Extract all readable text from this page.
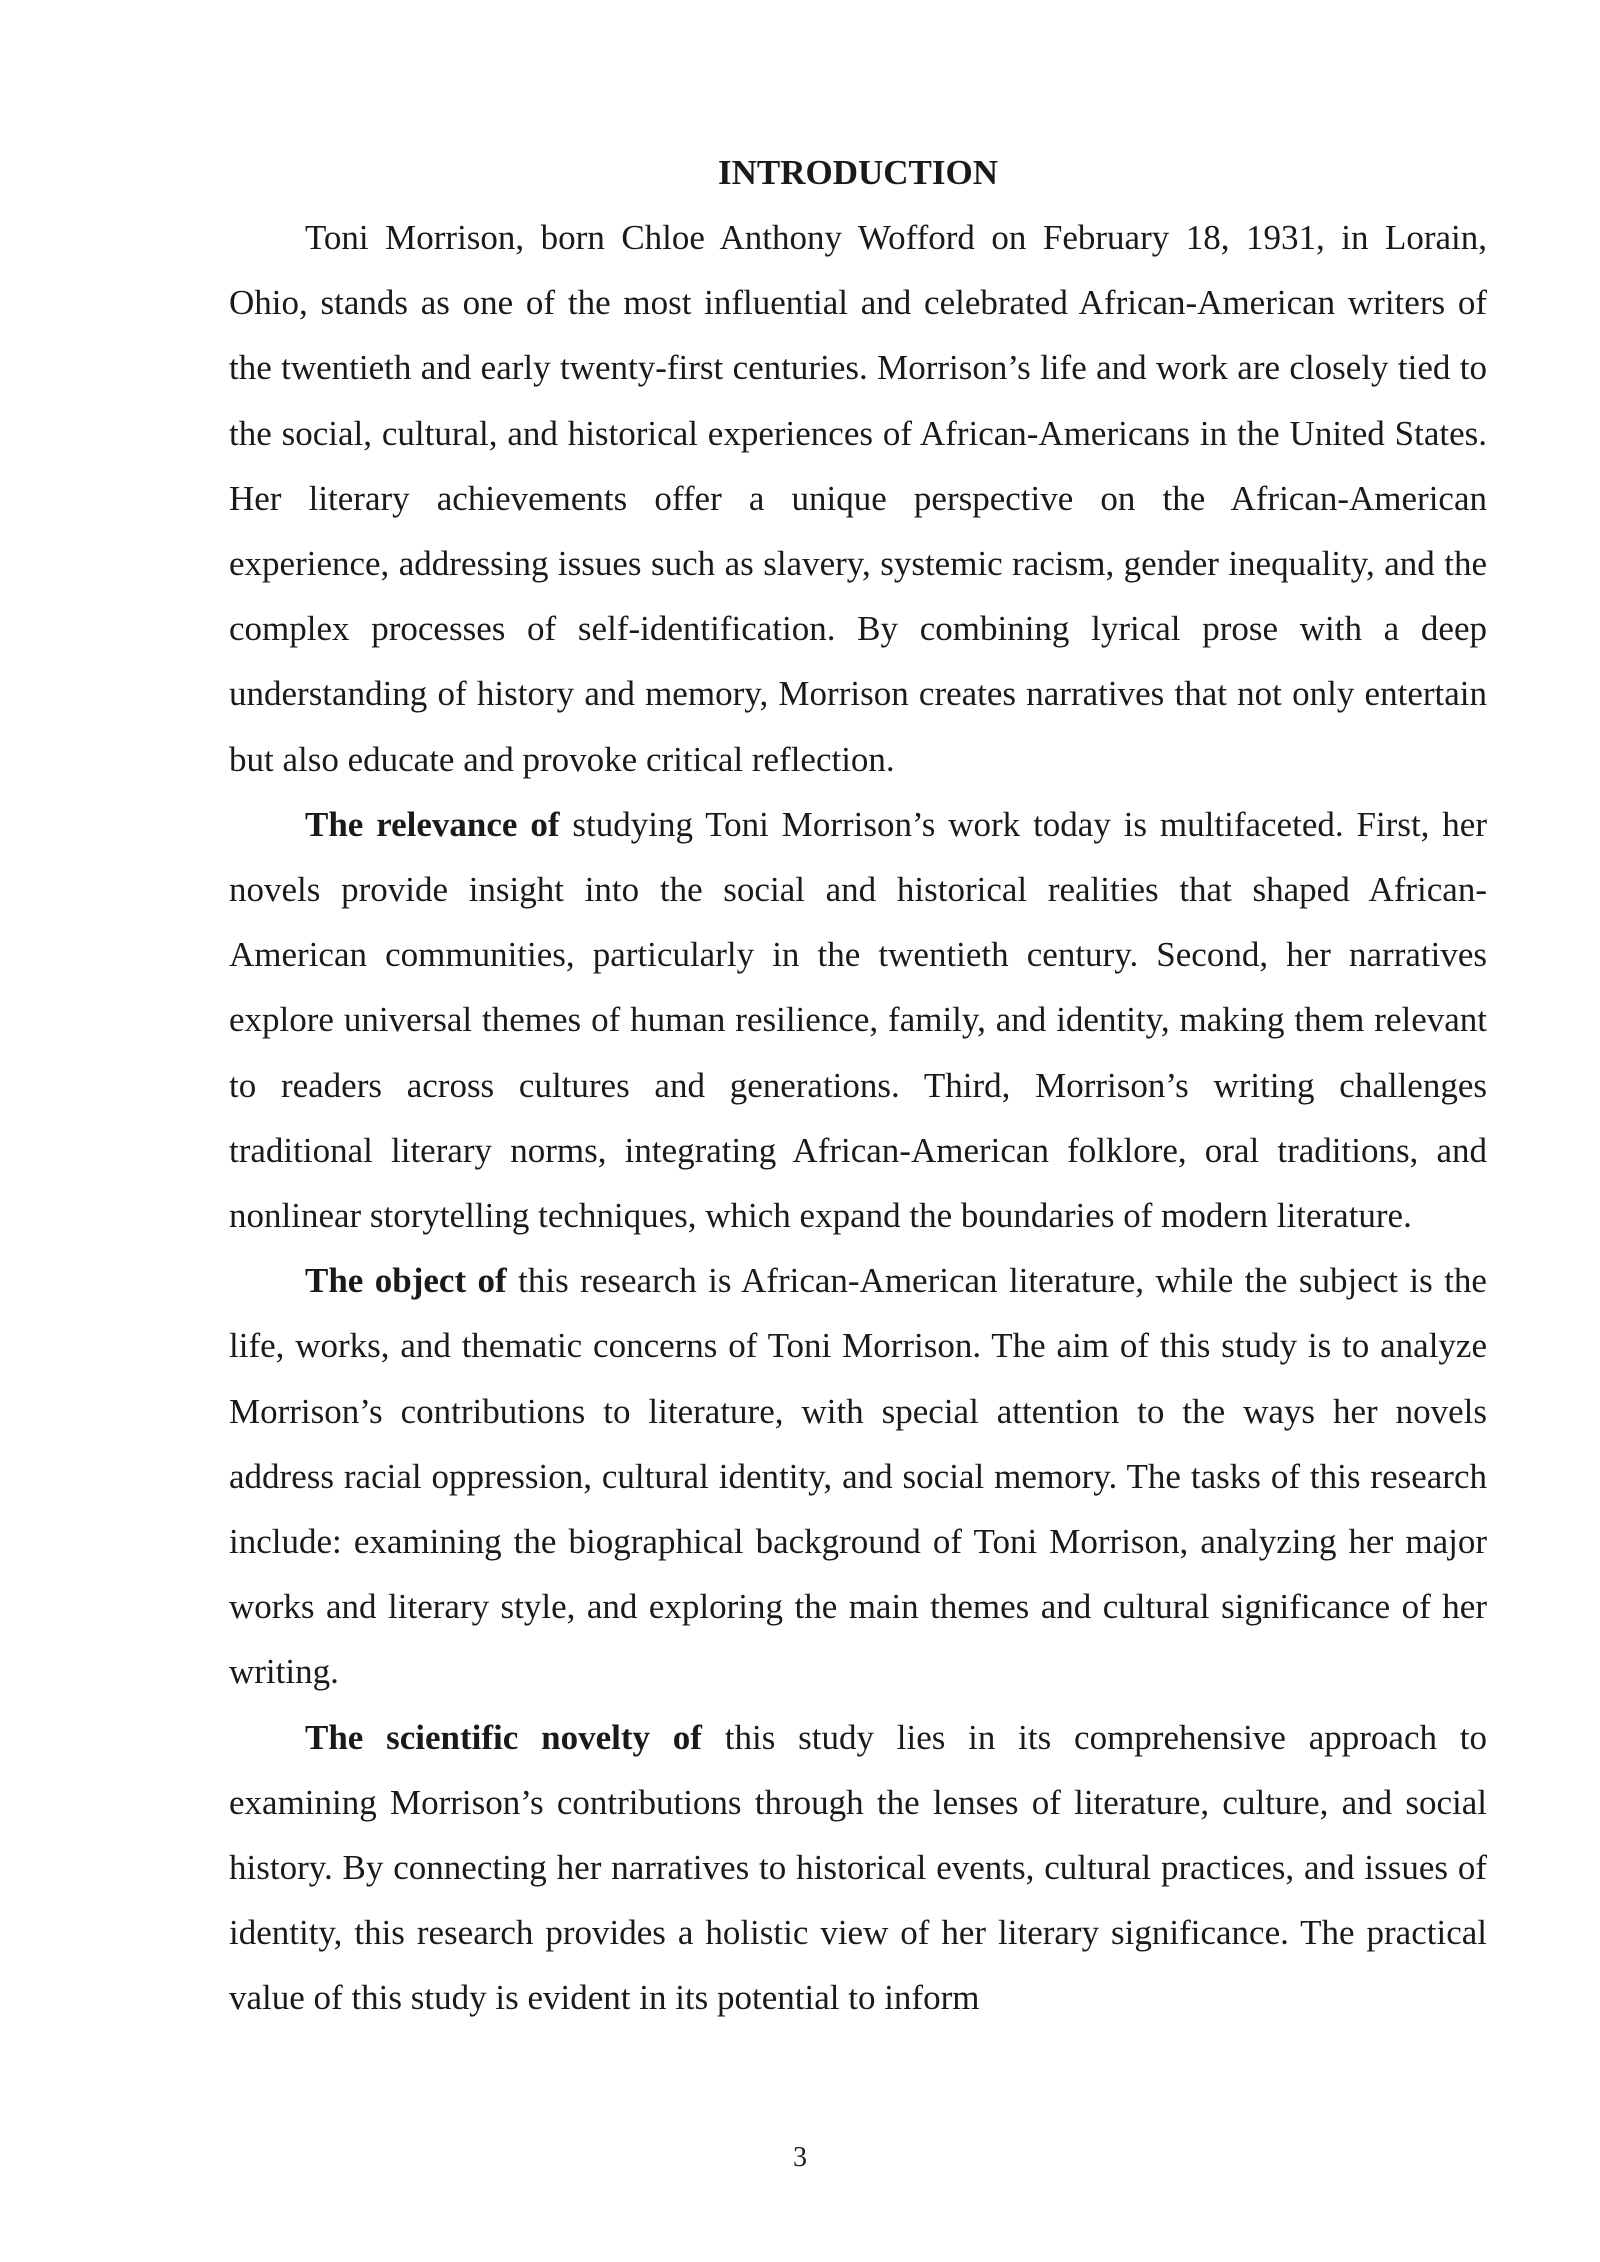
INTRODUCTION

Toni Morrison, born Chloe Anthony Wofford on February 18, 1931, in Lorain, Ohio, stands as one of the most influential and celebrated African-American writers of the twentieth and early twenty-first centuries. Morrison’s life and work are closely tied to the social, cultural, and historical experiences of African-Americans in the United States. Her literary achievements offer a unique perspective on the African-American experience, addressing issues such as slavery, systemic racism, gender inequality, and the complex processes of self-identification. By combining lyrical prose with a deep understanding of history and memory, Morrison creates narratives that not only entertain but also educate and provoke critical reflection.

The relevance of studying Toni Morrison’s work today is multifaceted. First, her novels provide insight into the social and historical realities that shaped African-American communities, particularly in the twentieth century. Second, her narratives explore universal themes of human resilience, family, and identity, making them relevant to readers across cultures and generations. Third, Morrison’s writing challenges traditional literary norms, integrating African-American folklore, oral traditions, and nonlinear storytelling techniques, which expand the boundaries of modern literature.

The object of this research is African-American literature, while the subject is the life, works, and thematic concerns of Toni Morrison. The aim of this study is to analyze Morrison’s contributions to literature, with special attention to the ways her novels address racial oppression, cultural identity, and social memory. The tasks of this research include: examining the biographical background of Toni Morrison, analyzing her major works and literary style, and exploring the main themes and cultural significance of her writing.

The scientific novelty of this study lies in its comprehensive approach to examining Morrison’s contributions through the lenses of literature, culture, and social history. By connecting her narratives to historical events, cultural practices, and issues of identity, this research provides a holistic view of her literary significance. The practical value of this study is evident in its potential to inform

3
